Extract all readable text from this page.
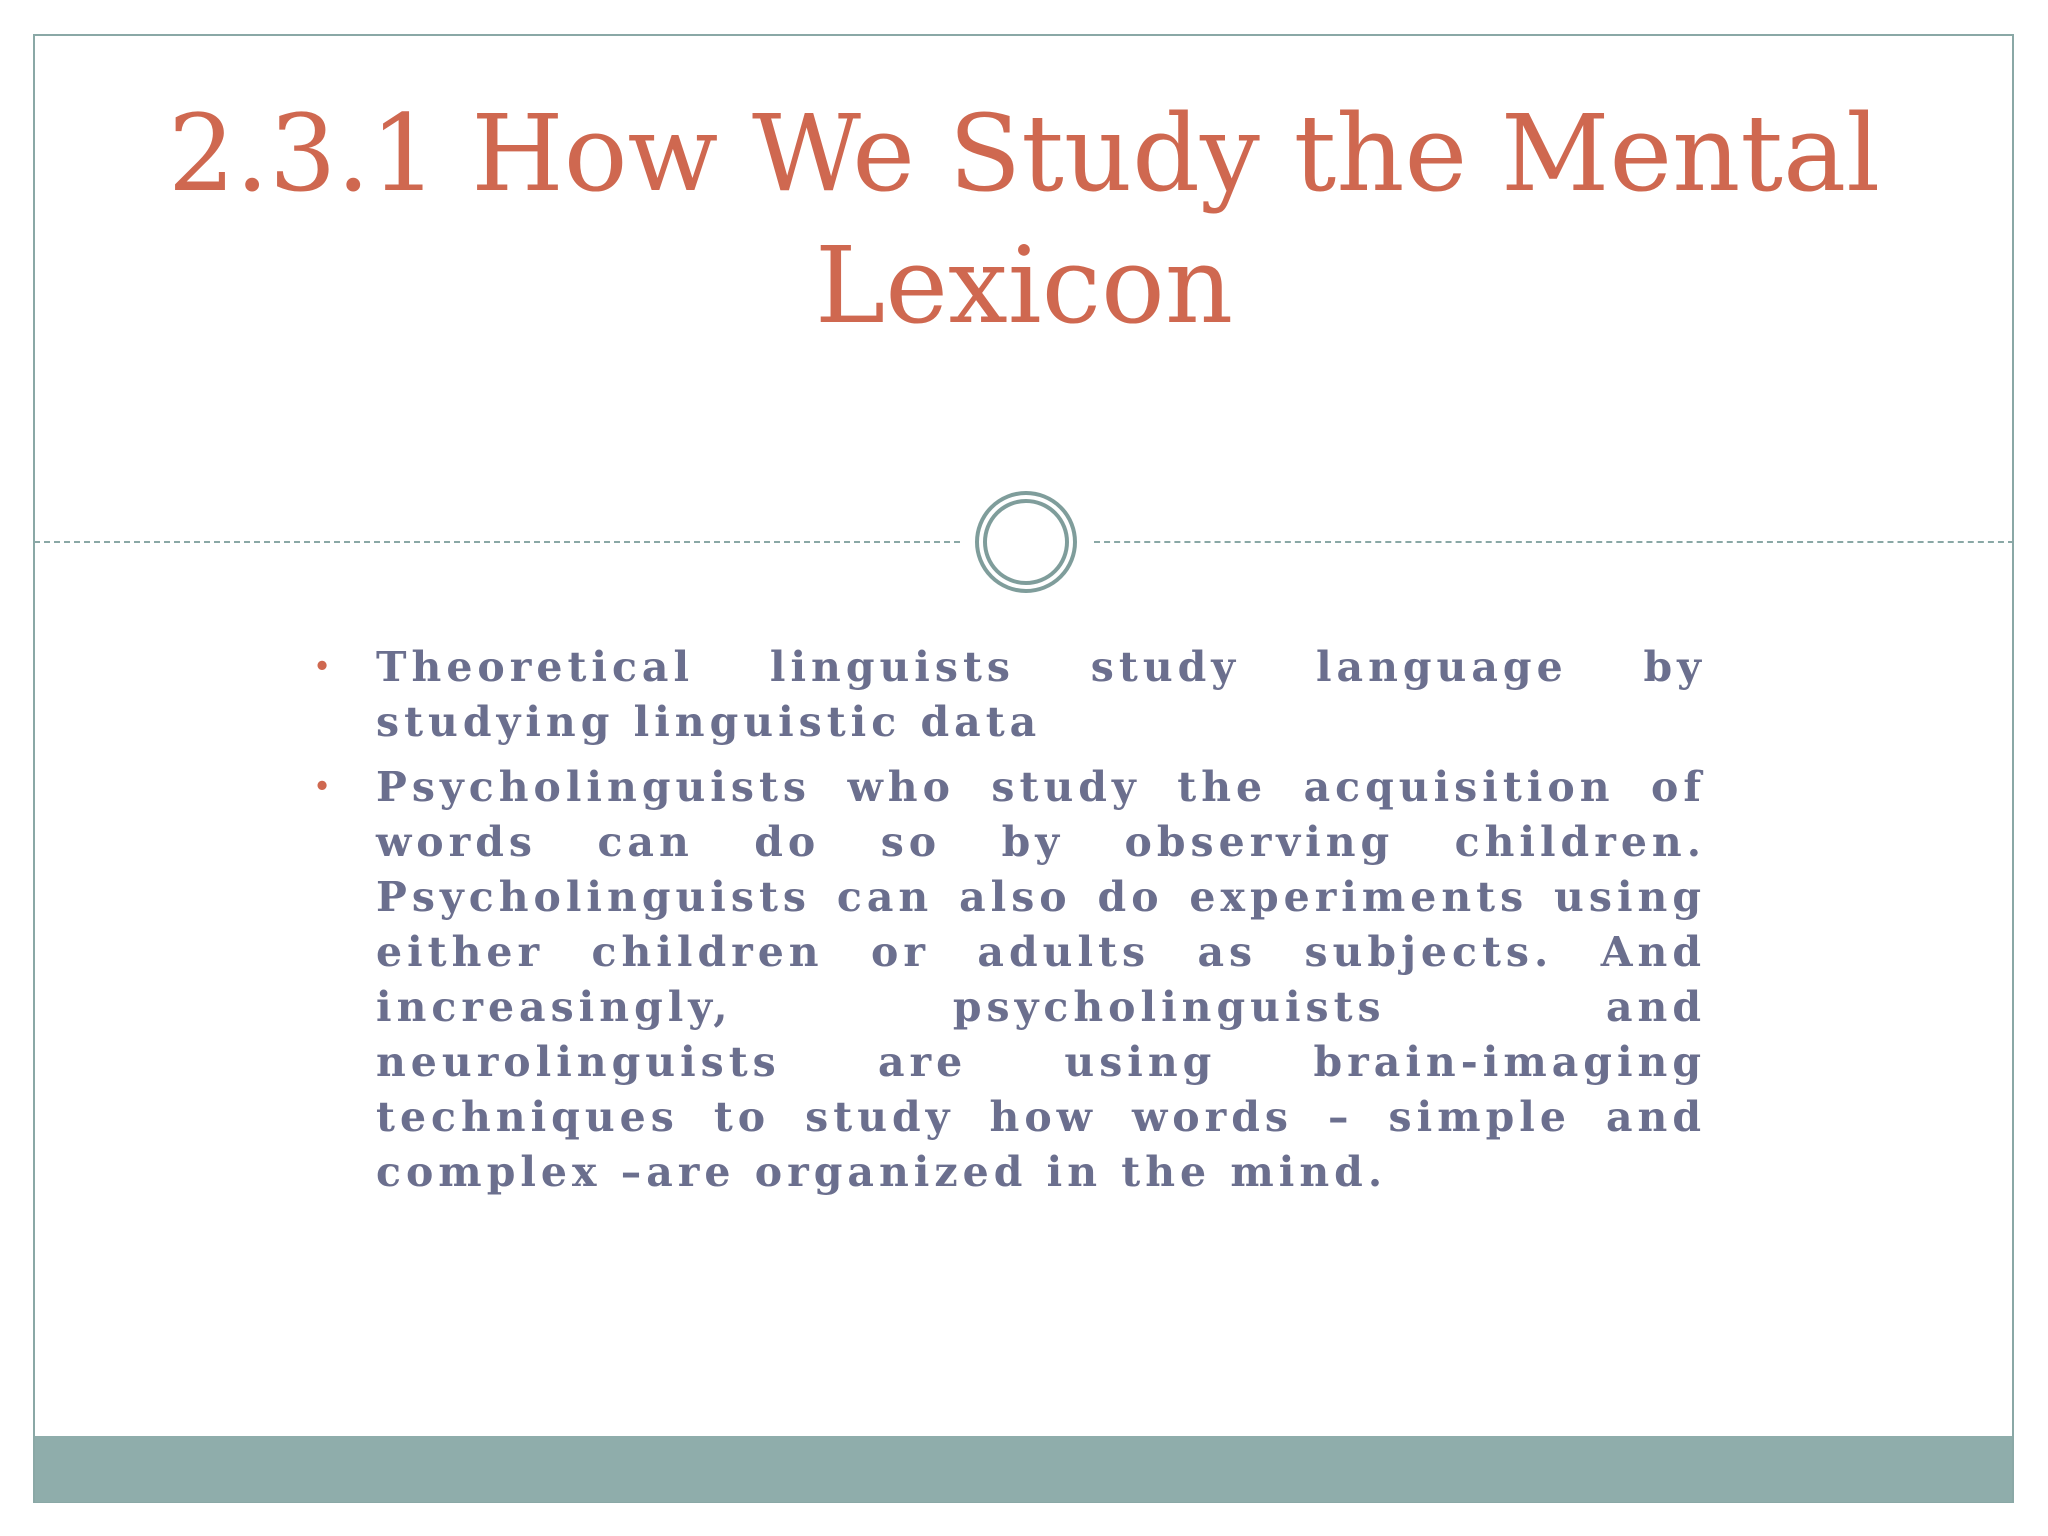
2.3.1 How We Study the Mental Lexicon
• Theoretical linguists study language by studying linguistic data
• Psycholinguists who study the acquisition of words can do so by observing children. Psycholinguists can also do experiments using either children or adults as subjects. And increasingly, psycholinguists and neurolinguists are using brain-imaging techniques to study how words – simple and complex –are organized in the mind.
